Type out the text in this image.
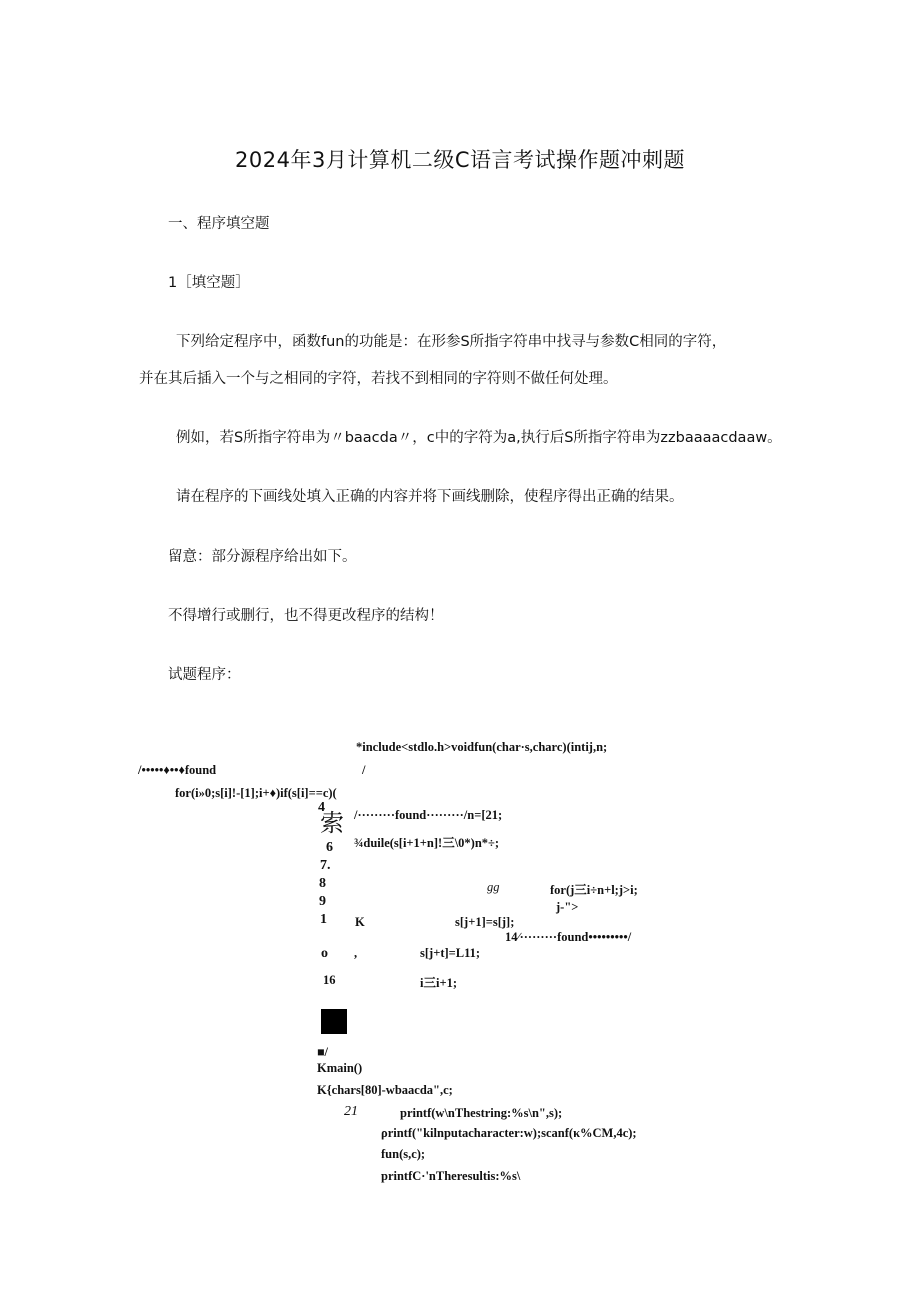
2024年3月计算机二级C语言考试操作题冲刺题
一、程序填空题
1［填空题］
下列给定程序中，函数fun的功能是：在形参S所指字符串中找寻与参数C相同的字符，
并在其后插入一个与之相同的字符，若找不到相同的字符则不做任何处理。
例如，若S所指字符串为〃baacda〃，c中的字符为a,执行后S所指字符串为zzbaaaacdaaw。
请在程序的下画线处填入正确的内容并将下画线删除，使程序得出正确的结果。
留意：部分源程序给出如下。
不得增行或删行，也不得更改程序的结构！
试题程序：
*include<stdlo.h>voidfun(char·s,charc)(intij,n;
/•••••♦••♦found	/
for(i»0;s[i]!-[1];i+♦)if(s[i]==c)(
4
索 /·········found·········/n=[21;
¾duile(s[i+1+n]!三\0*)n*÷;
6
7.
8	gg	for(j三i÷n+l;j>i;
9	j-">
1 K	s[j+1]=s[j];
14∕·········found•••••••••/
o ,	s[j+t]=L11;
16	i三i+1;
■/
Kmain()
K{chars[80]-wbaacda",c;
21	printf(w\nThestring:%s\n",s);
ρrintf("kilnputacharacter:w);scanf(κ%CM,4c);
fun(s,c);
printfC·'nTheresultis:%s\
